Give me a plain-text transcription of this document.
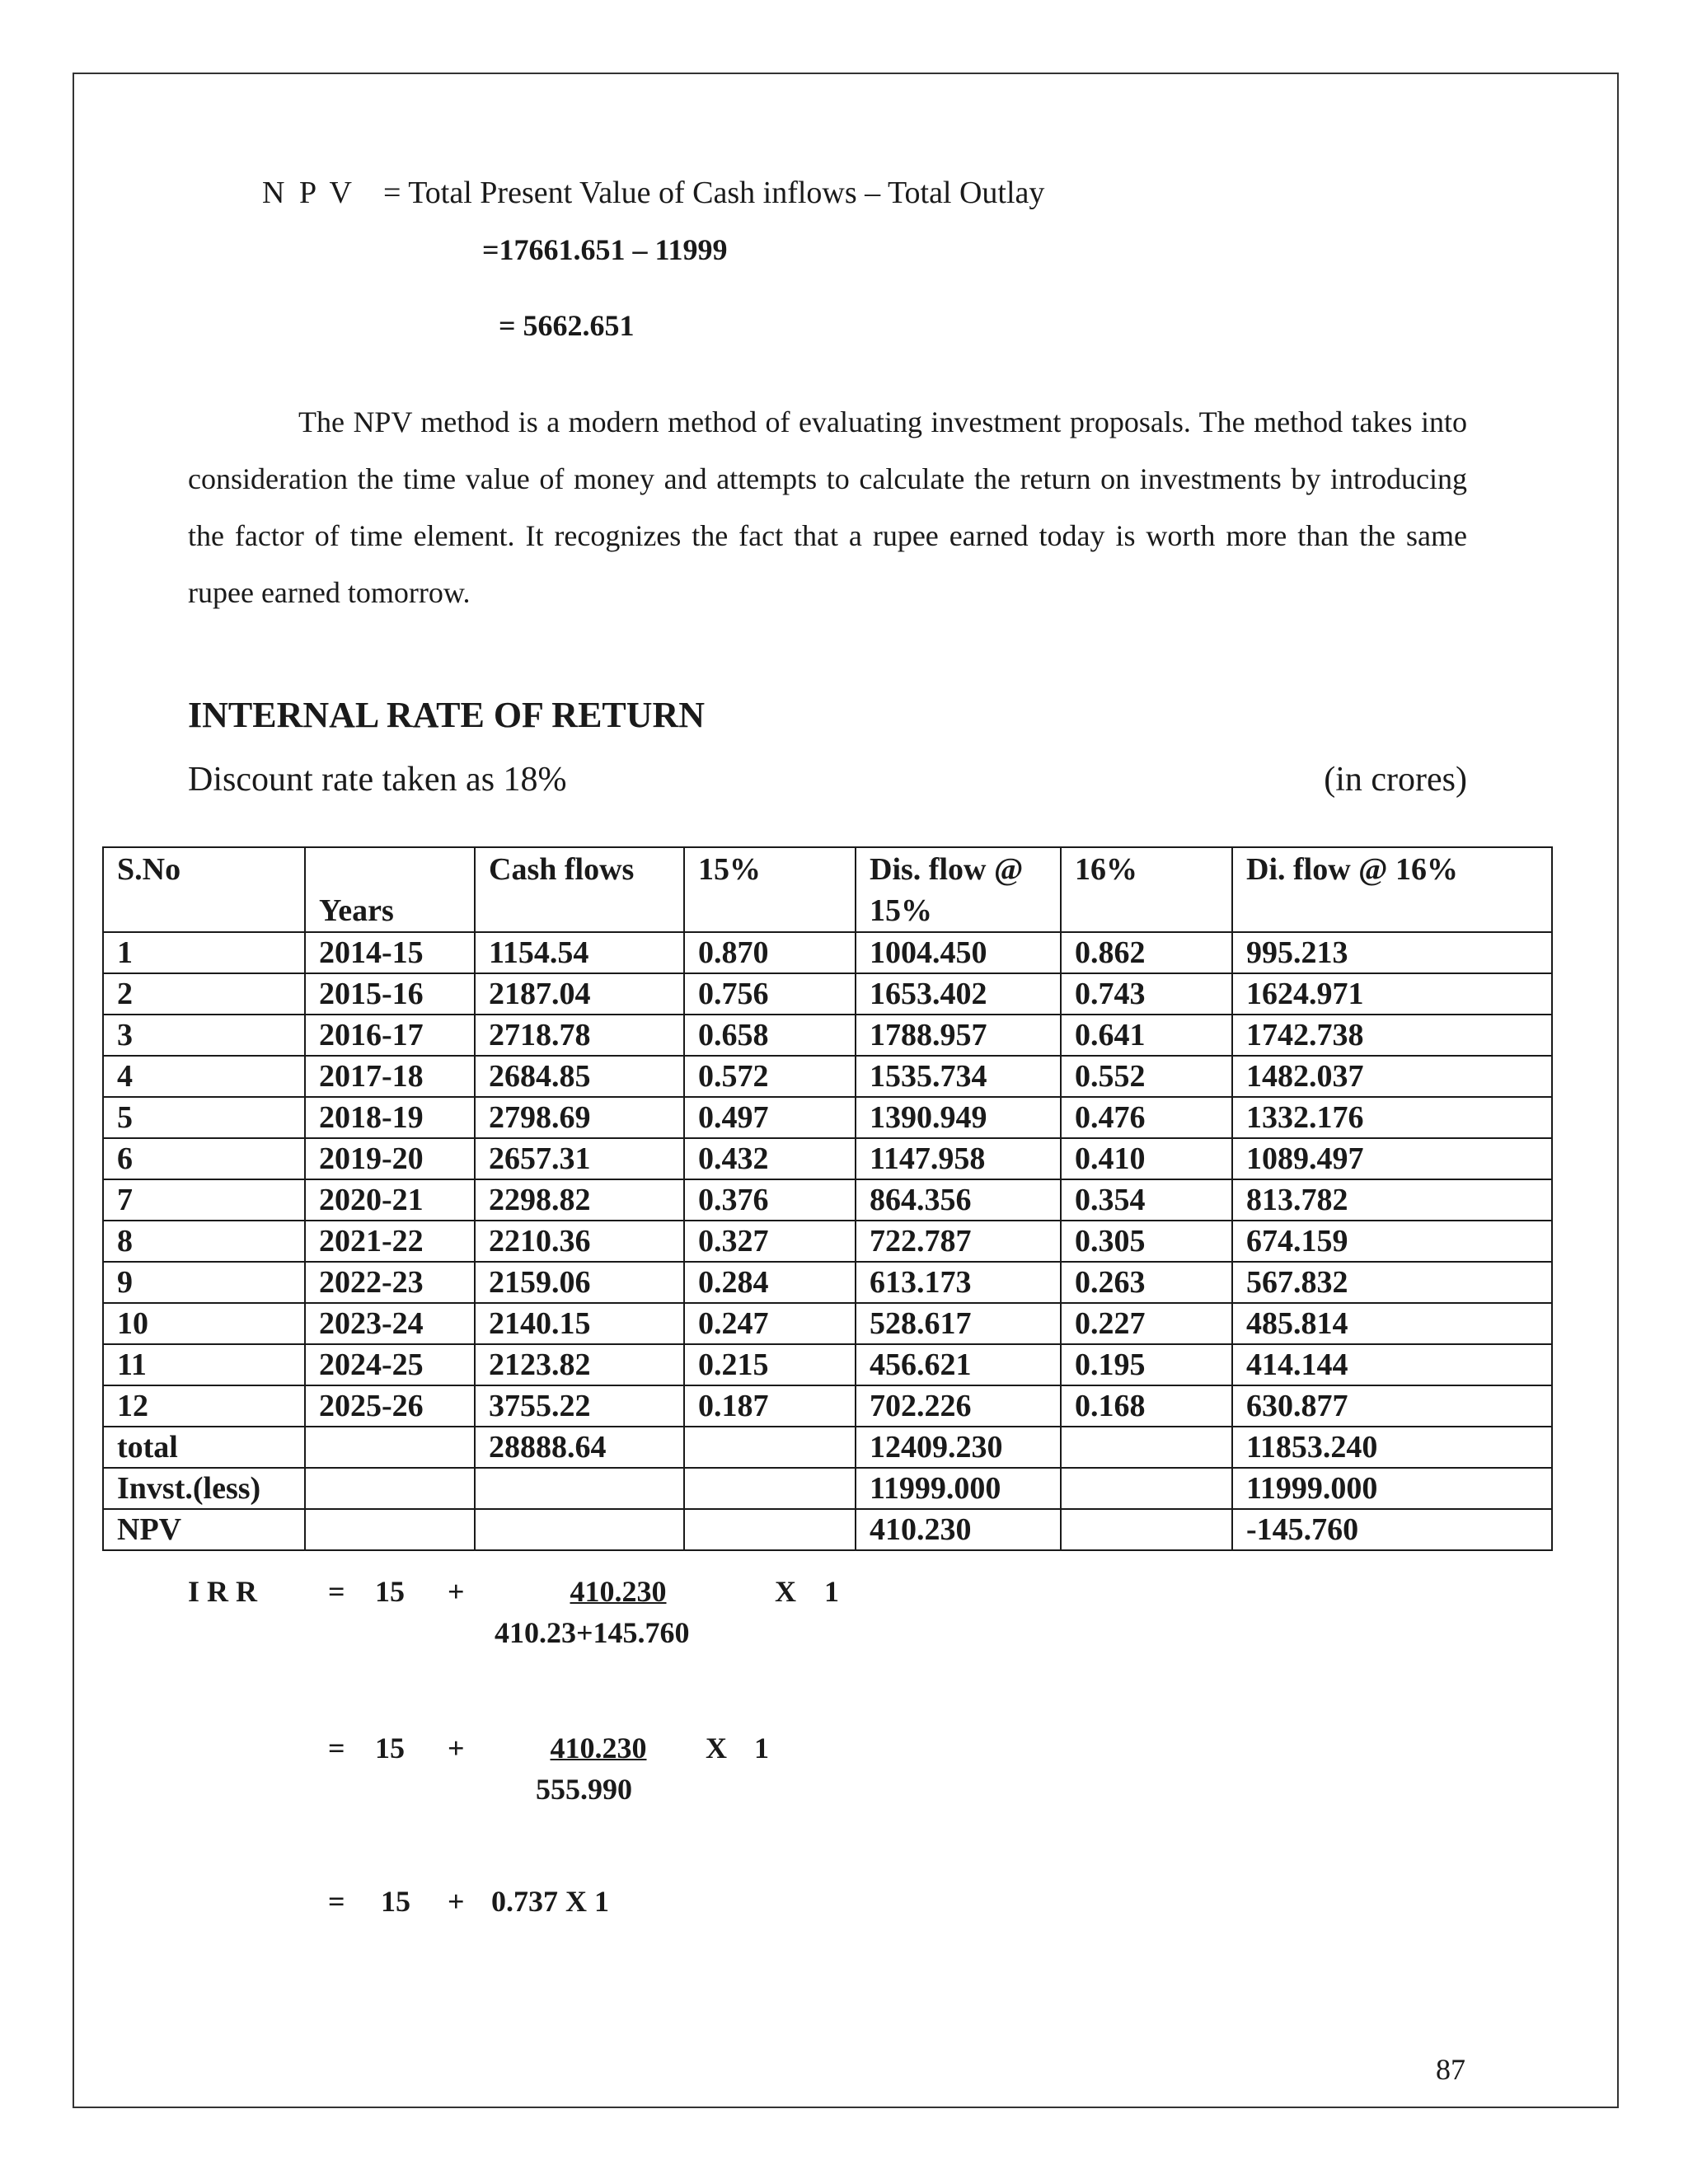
N P V = Total Present Value of Cash inflows – Total Outlay
=17661.651 – 11999
= 5662.651
The NPV method is a modern method of evaluating investment proposals. The method takes into consideration the time value of money and attempts to calculate the return on investments by introducing the factor of time element. It recognizes the fact that a rupee earned today is worth more than the same rupee earned tomorrow.
INTERNAL RATE OF RETURN
Discount rate taken as 18%	(in crores)
S.No	Years	Cash flows	15%	Dis. flow @ 15%	16%	Di. flow @ 16%
1	2014-15	1154.54	0.870	1004.450	0.862	995.213
2	2015-16	2187.04	0.756	1653.402	0.743	1624.971
3	2016-17	2718.78	0.658	1788.957	0.641	1742.738
4	2017-18	2684.85	0.572	1535.734	0.552	1482.037
5	2018-19	2798.69	0.497	1390.949	0.476	1332.176
6	2019-20	2657.31	0.432	1147.958	0.410	1089.497
7	2020-21	2298.82	0.376	864.356	0.354	813.782
8	2021-22	2210.36	0.327	722.787	0.305	674.159
9	2022-23	2159.06	0.284	613.173	0.263	567.832
10	2023-24	2140.15	0.247	528.617	0.227	485.814
11	2024-25	2123.82	0.215	456.621	0.195	414.144
12	2025-26	3755.22	0.187	702.226	0.168	630.877
total		28888.64		12409.230		11853.240
Invst.(less)				11999.000		11999.000
NPV				410.230		-145.760
I R R = 15 +	410.230
410.23+145.760
X 1
= 15 +	410.230
555.990
X 1
= 15 + 0.737 X 1
87
